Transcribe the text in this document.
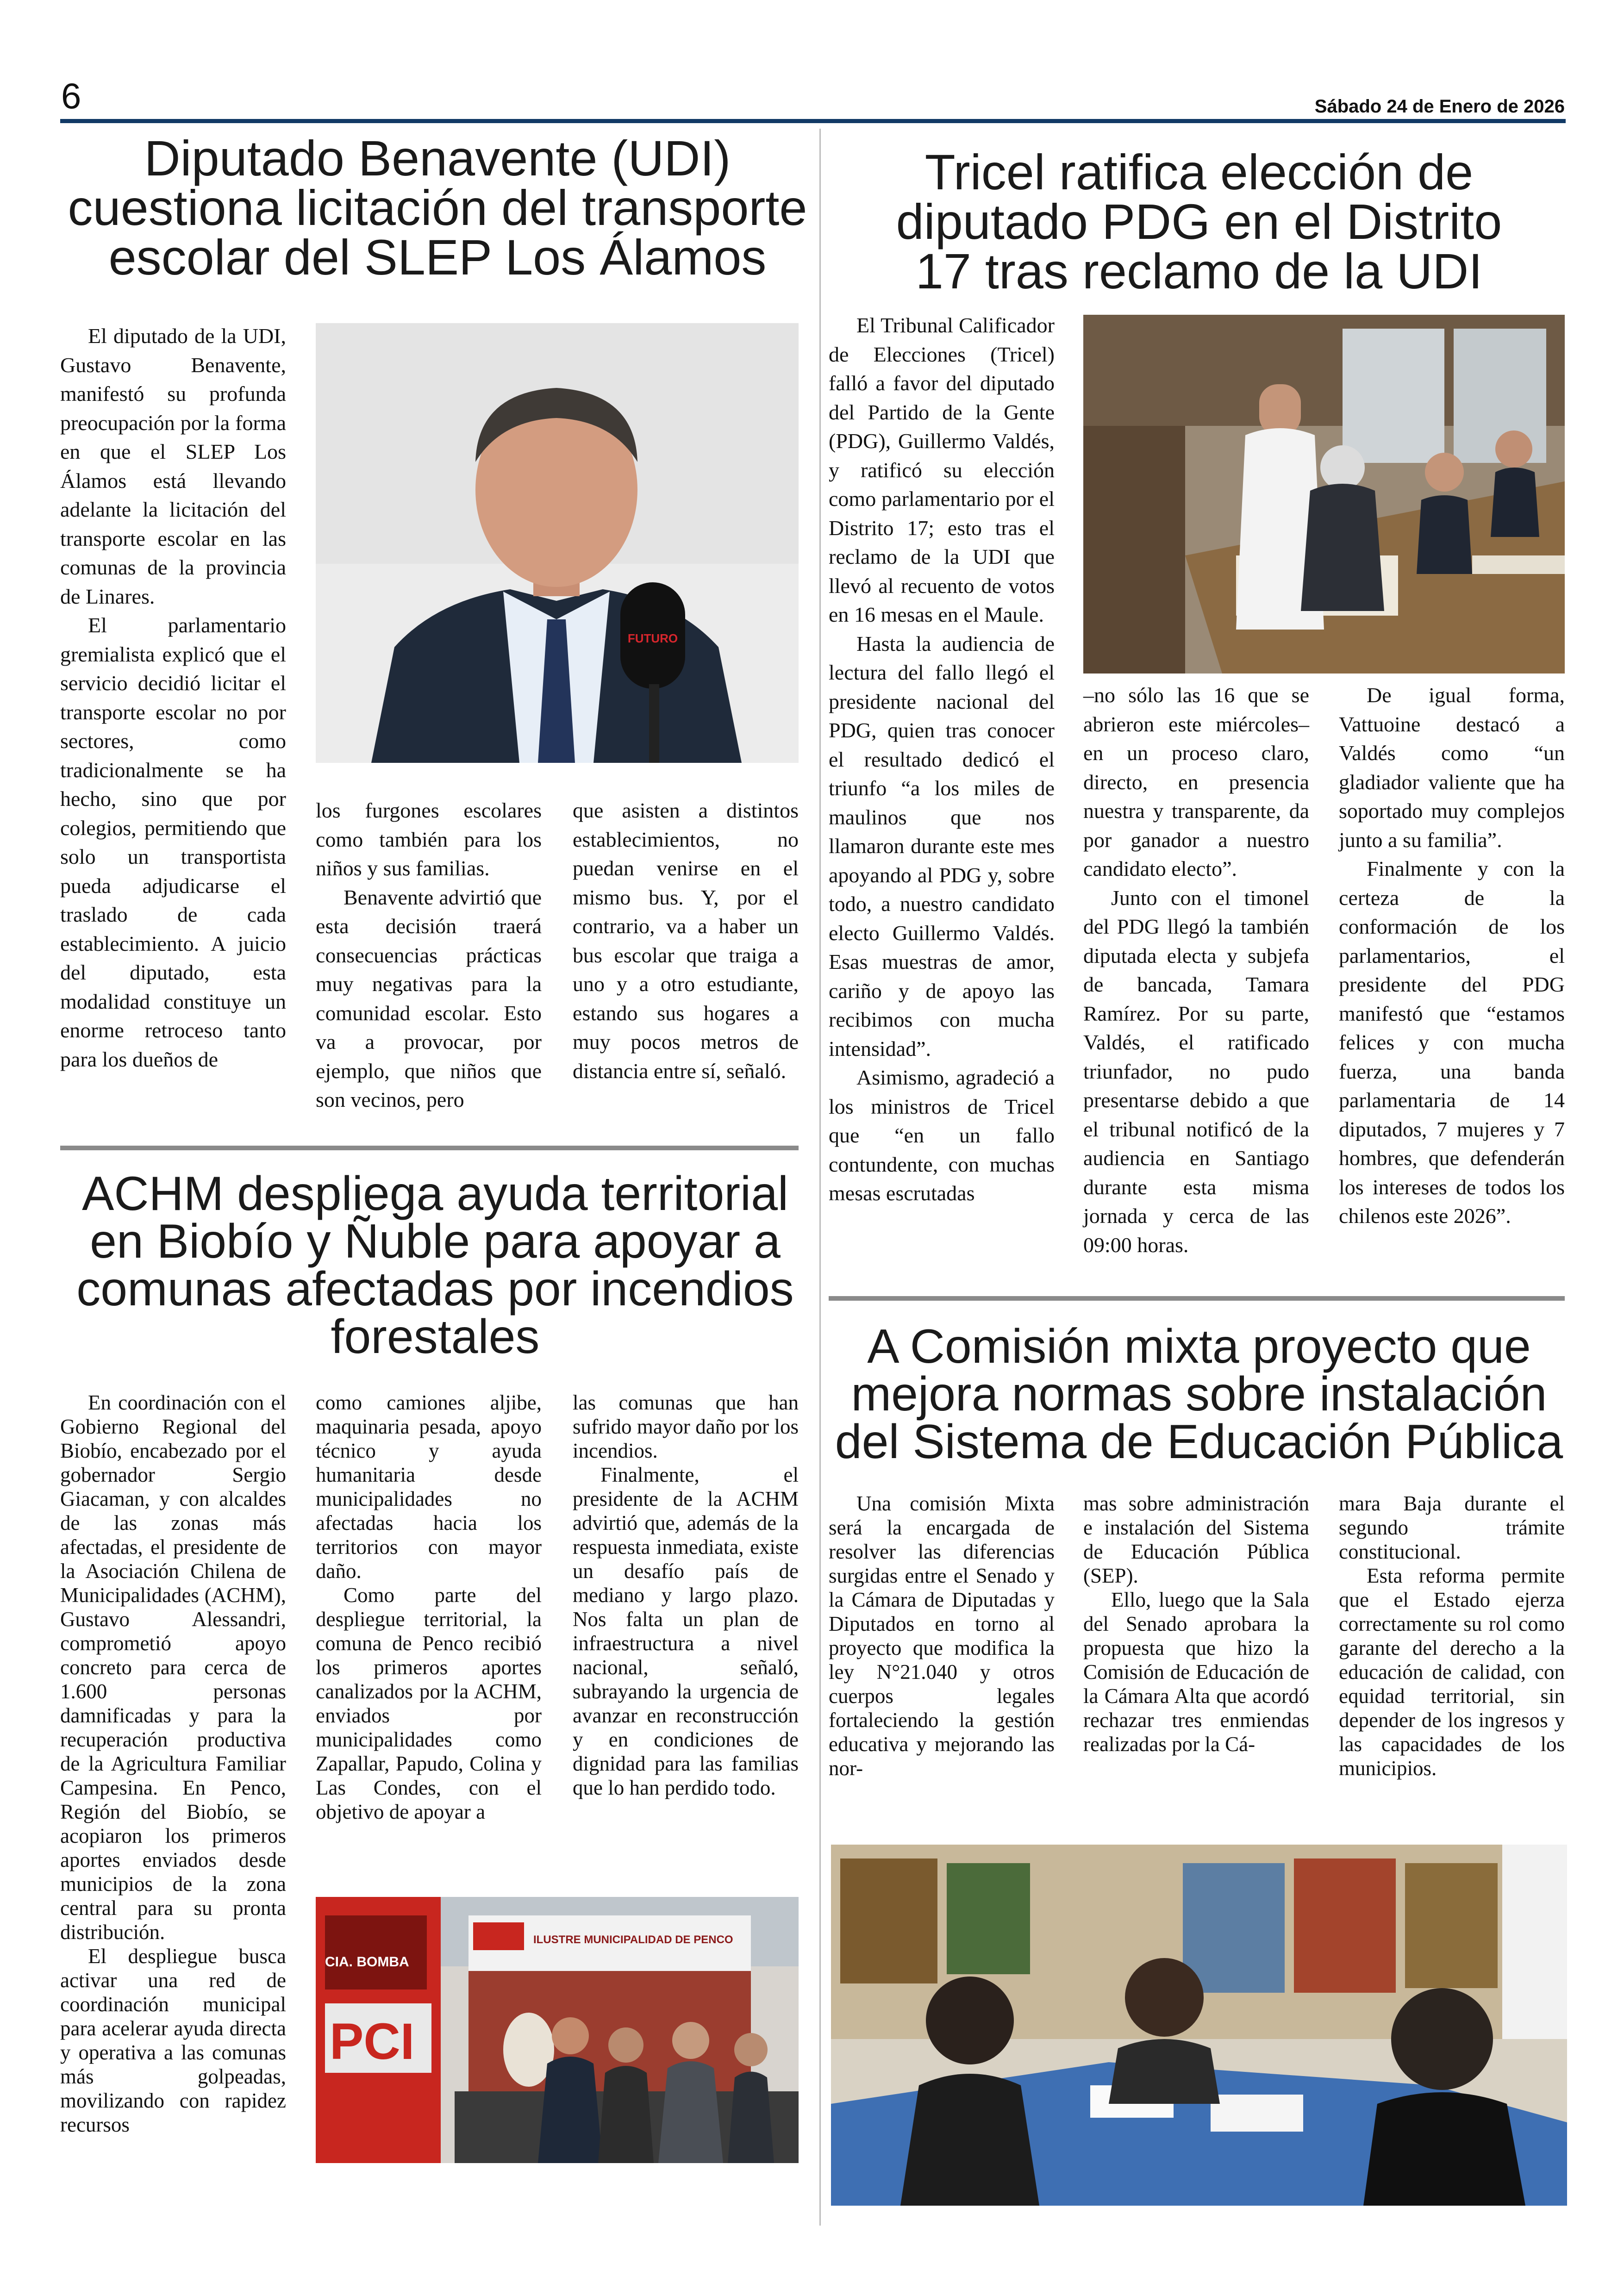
6	Sábado 24 de Enero de 2026
Diputado Benavente (UDI) cuestiona licitación del transporte escolar del SLEP Los Álamos

El diputado de la UDI, Gustavo Benavente, manifestó su profunda preocupación por la forma en que el SLEP Los Álamos está llevando adelante la licitación del transporte escolar en las comunas de la provincia de Linares.

El parlamentario gremialista explicó que el servicio decidió licitar el transporte escolar no por sectores, como tradicionalmente se ha hecho, sino que por colegios, permitiendo que solo un transportista pueda adjudicarse el traslado de cada establecimiento. A juicio del diputado, esta modalidad constituye un enorme retroceso tanto para los dueños de

FUTURO

los furgones escolares como también para los niños y sus familias.

Benavente advirtió que esta decisión traerá consecuencias prácticas muy negativas para la comunidad escolar. Esto va a provocar, por ejemplo, que niños que son vecinos, pero

que asisten a distintos establecimientos, no puedan venirse en el mismo bus. Y, por el contrario, va a haber un bus escolar que traiga a uno y a otro estudiante, estando sus hogares a muy pocos metros de distancia entre sí, señaló.

ACHM despliega ayuda territorial en Biobío y Ñuble para apoyar a comunas afectadas por incendios forestales

En coordinación con el Gobierno Regional del Biobío, encabezado por el gobernador Sergio Giacaman, y con alcaldes de las zonas más afectadas, el presidente de la Asociación Chilena de Municipalidades (ACHM), Gustavo Alessandri, comprometió apoyo concreto para cerca de 1.600 personas damnificadas y para la recuperación productiva de la Agricultura Familiar Campesina. En Penco, Región del Biobío, se acopiaron los primeros aportes enviados desde municipios de la zona central para su pronta distribución.

El despliegue busca activar una red de coordinación municipal para acelerar ayuda directa y operativa a las comunas más golpeadas, movilizando con rapidez recursos

como camiones aljibe, maquinaria pesada, apoyo técnico y ayuda humanitaria desde municipalidades no afectadas hacia los territorios con mayor daño.

Como parte del despliegue territorial, la comuna de Penco recibió los primeros aportes canalizados por la ACHM, enviados por municipalidades como Zapallar, Papudo, Colina y Las Condes, con el objetivo de apoyar a

las comunas que han sufrido mayor daño por los incendios.

Finalmente, el presidente de la ACHM advirtió que, además de la respuesta inmediata, existe un desafío país de mediano y largo plazo. Nos falta un plan de infraestructura a nivel nacional, señaló, subrayando la urgencia de avanzar en reconstrucción y en condiciones de dignidad para las familias que lo han perdido todo.

CIA. BOMBA
PCI
ILUSTRE MUNICIPALIDAD DE PENCO
Tricel ratifica elección de diputado PDG en el Distrito 17 tras reclamo de la UDI

El Tribunal Calificador de Elecciones (Tricel) falló a favor del diputado del Partido de la Gente (PDG), Guillermo Valdés, y ratificó su elección como parlamentario por el Distrito 17; esto tras el reclamo de la UDI que llevó al recuento de votos en 16 mesas en el Maule.

Hasta la audiencia de lectura del fallo llegó el presidente nacional del PDG, quien tras conocer el resultado dedicó el triunfo “a los miles de maulinos que nos llamaron durante este mes apoyando al PDG y, sobre todo, a nuestro candidato electo Guillermo Valdés. Esas muestras de amor, cariño y de apoyo las recibimos con mucha intensidad”.

Asimismo, agradeció a los ministros de Tricel que “en un fallo contundente, con muchas mesas escrutadas

–no sólo las 16 que se abrieron este miércoles– en un proceso claro, directo, en presencia nuestra y transparente, da por ganador a nuestro candidato electo”.

Junto con el timonel del PDG llegó la también diputada electa y subjefa de bancada, Tamara Ramírez. Por su parte, Valdés, el ratificado triunfador, no pudo presentarse debido a que el tribunal notificó de la audiencia en Santiago durante esta misma jornada y cerca de las 09:00 horas.

De igual forma, Vattuoine destacó a Valdés como “un gladiador valiente que ha soportado muy complejos junto a su familia”.

Finalmente y con la certeza de la conformación de los parlamentarios, el presidente del PDG manifestó que “estamos felices y con mucha fuerza, una banda parlamentaria de 14 diputados, 7 mujeres y 7 hombres, que defenderán los intereses de todos los chilenos este 2026”.

A Comisión mixta proyecto que mejora normas sobre instalación del Sistema de Educación Pública

Una comisión Mixta será la encargada de resolver las diferencias surgidas entre el Senado y la Cámara de Diputadas y Diputados en torno al proyecto que modifica la ley N°21.040 y otros cuerpos legales fortaleciendo la gestión educativa y mejorando las nor-

mas sobre administración e instalación del Sistema de Educación Pública (SEP).

Ello, luego que la Sala del Senado aprobara la propuesta que hizo la Comisión de Educación de la Cámara Alta que acordó rechazar tres enmiendas realizadas por la Cá-

mara Baja durante el segundo trámite constitucional.

Esta reforma permite que el Estado ejerza correctamente su rol como garante del derecho a la educación de calidad, con equidad territorial, sin depender de los ingresos y las capacidades de los municipios.
